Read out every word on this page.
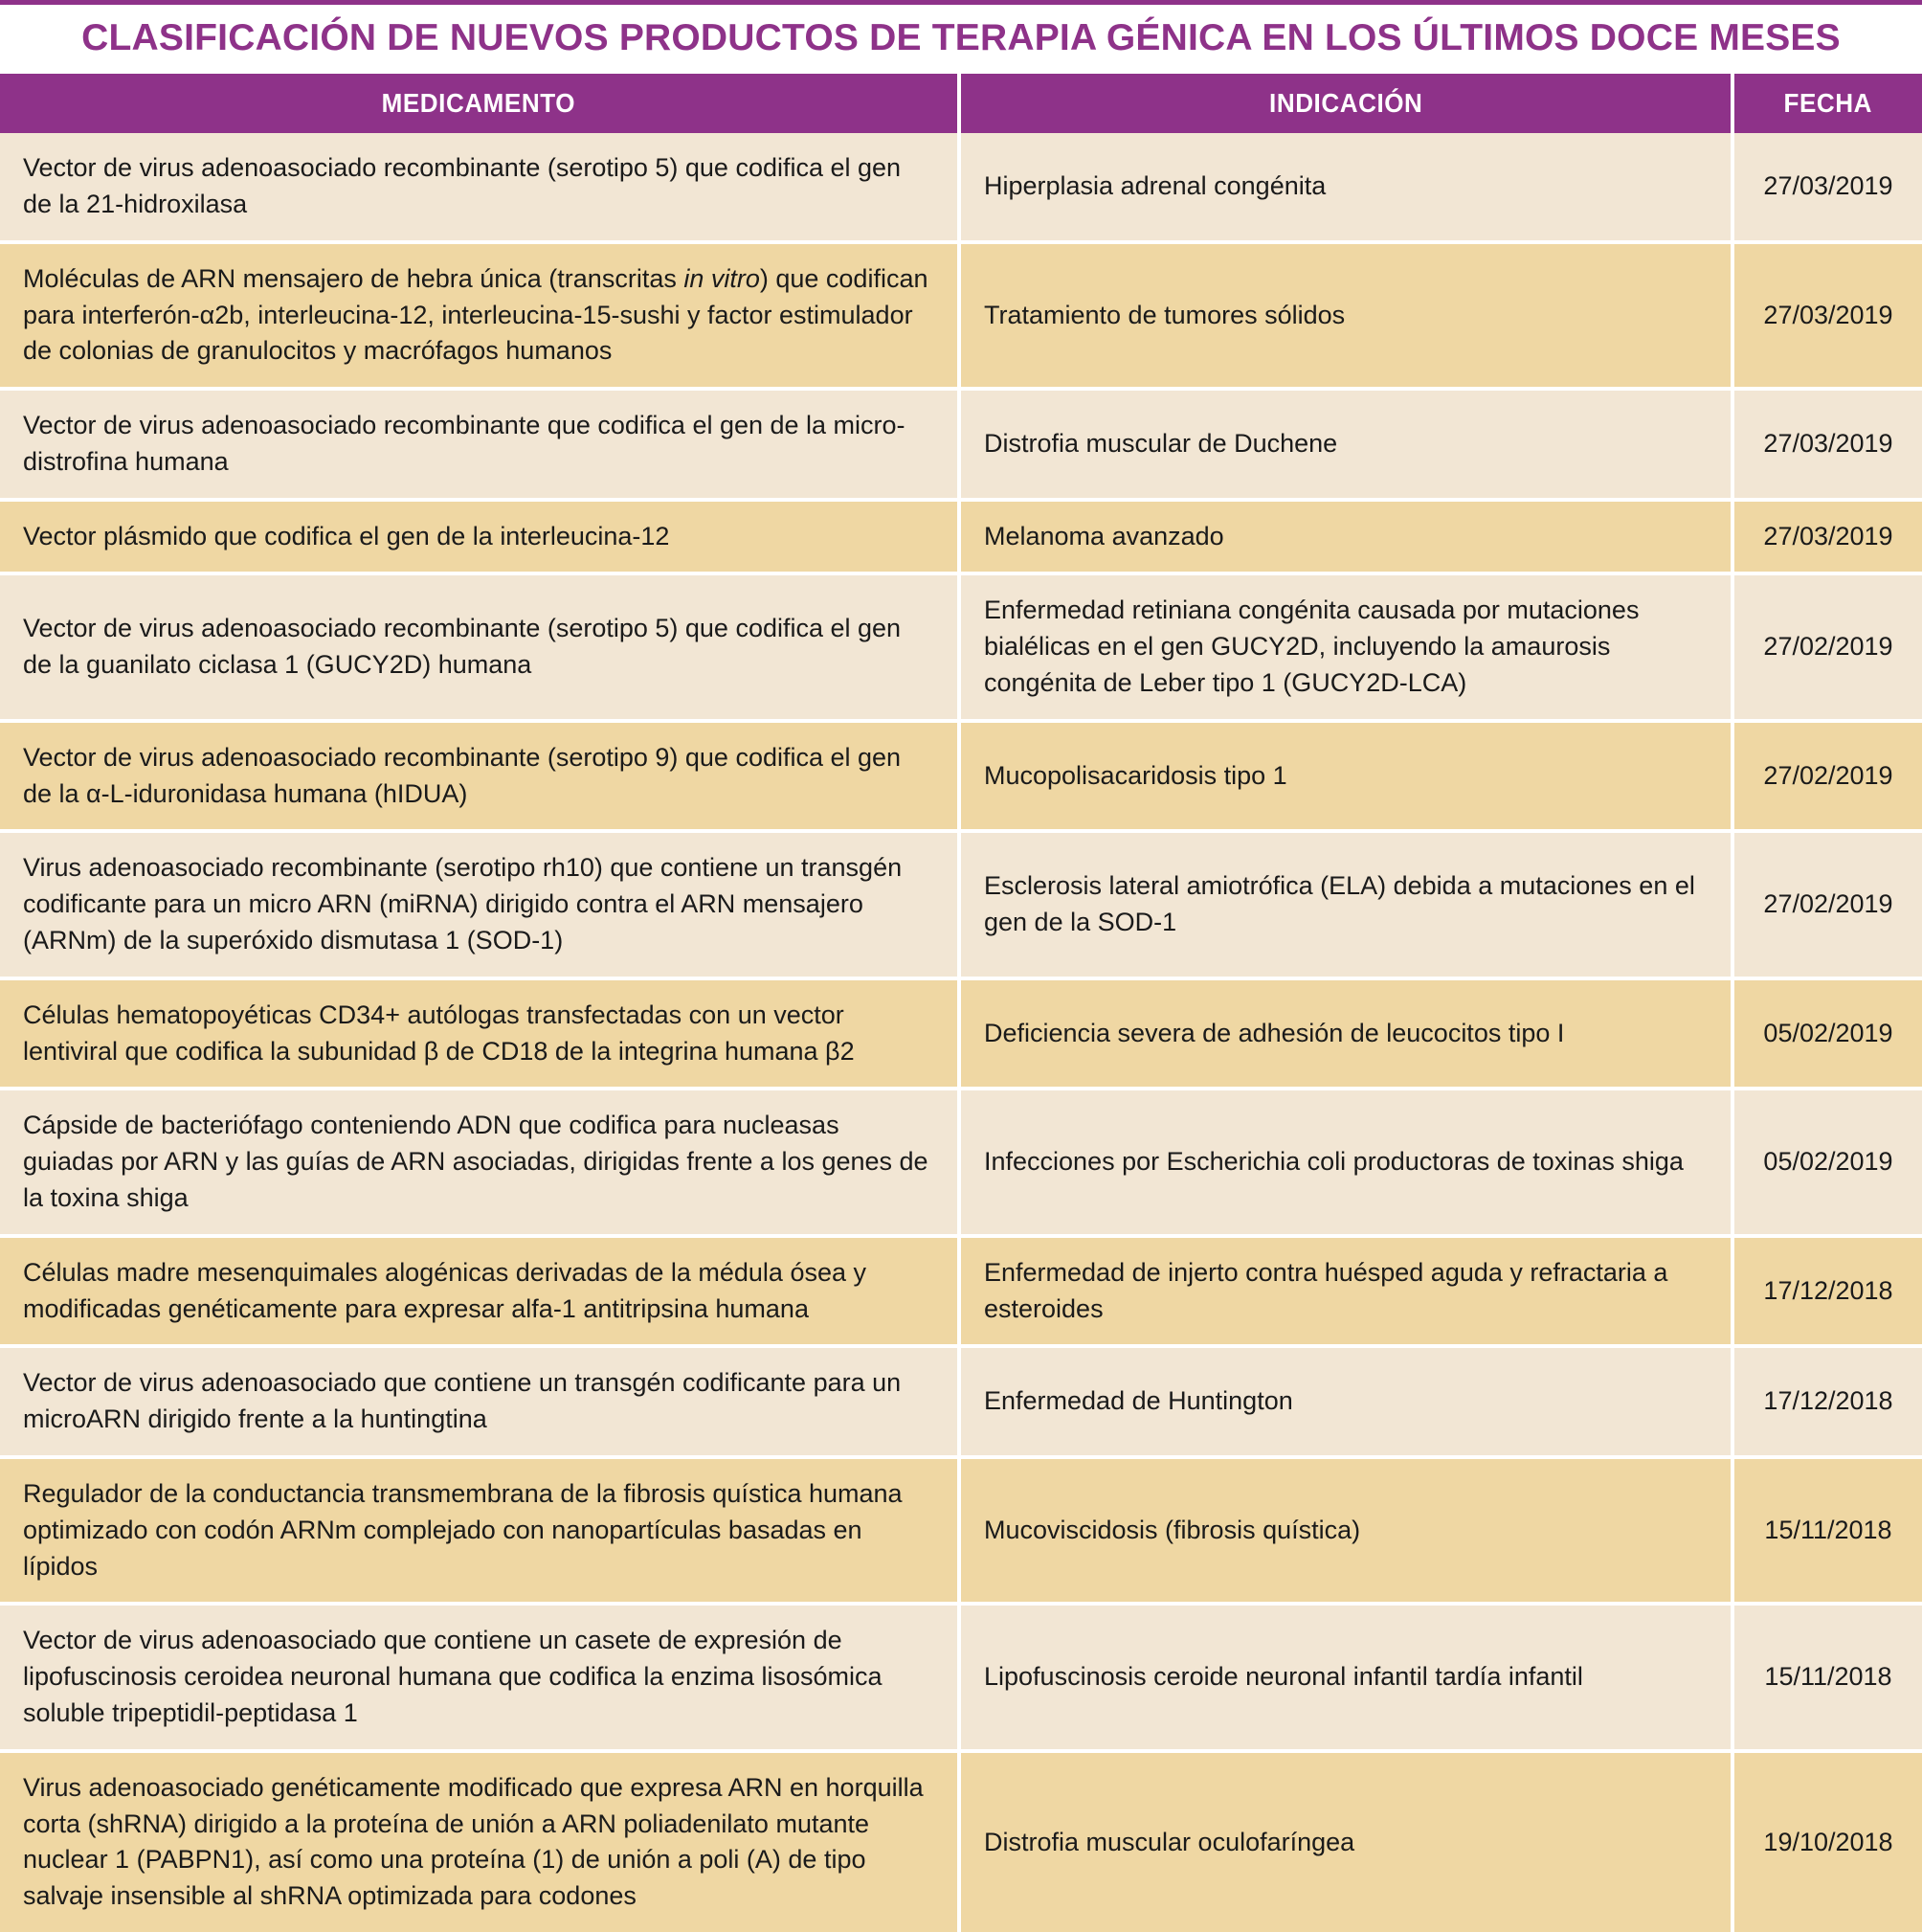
CLASIFICACIÓN DE NUEVOS PRODUCTOS DE TERAPIA GÉNICA EN LOS ÚLTIMOS DOCE MESES
MEDICAMENTO	INDICACIÓN	FECHA

Vector de virus adenoasociado recombinante (serotipo 5) que codifica el gen de la 21-hidroxilasa	Hiperplasia adrenal congénita	27/03/2019

Moléculas de ARN mensajero de hebra única (transcritas in vitro) que codifican para interferón-α2b, interleucina-12, interleucina-15-sushi y factor estimulador de colonias de granulocitos y macrófagos humanos	Tratamiento de tumores sólidos	27/03/2019

Vector de virus adenoasociado recombinante que codifica el gen de la micro-distrofina humana	Distrofia muscular de Duchene	27/03/2019

Vector plásmido que codifica el gen de la interleucina-12	Melanoma avanzado	27/03/2019

Vector de virus adenoasociado recombinante (serotipo 5) que codifica el gen de la guanilato ciclasa 1 (GUCY2D) humana	Enfermedad retiniana congénita causada por mutaciones bialélicas en el gen GUCY2D, incluyendo la amaurosis congénita de Leber tipo 1 (GUCY2D-LCA)	27/02/2019

Vector de virus adenoasociado recombinante (serotipo 9) que codifica el gen de la α-L-iduronidasa humana (hIDUA)	Mucopolisacaridosis tipo 1	27/02/2019

Virus adenoasociado recombinante (serotipo rh10) que contiene un transgén codificante para un micro ARN (miRNA) dirigido contra el ARN mensajero (ARNm) de la superóxido dismutasa 1 (SOD-1)	Esclerosis lateral amiotrófica (ELA) debida a mutaciones en el gen de la SOD-1	27/02/2019

Células hematopoyéticas CD34+ autólogas transfectadas con un vector lentiviral que codifica la subunidad β de CD18 de la integrina humana β2	Deficiencia severa de adhesión de leucocitos tipo I	05/02/2019

Cápside de bacteriófago conteniendo ADN que codifica para nucleasas guiadas por ARN y las guías de ARN asociadas, dirigidas frente a los genes de la toxina shiga	Infecciones por Escherichia coli productoras de toxinas shiga	05/02/2019

Células madre mesenquimales alogénicas derivadas de la médula ósea y modificadas genéticamente para expresar alfa-1 antitripsina humana	Enfermedad de injerto contra huésped aguda y refractaria a esteroides	17/12/2018

Vector de virus adenoasociado que contiene un transgén codificante para un microARN dirigido frente a la huntingtina	Enfermedad de Huntington	17/12/2018

Regulador de la conductancia transmembrana de la fibrosis quística humana optimizado con codón ARNm complejado con nanopartículas basadas en lípidos	Mucoviscidosis (fibrosis quística)	15/11/2018

Vector de virus adenoasociado que contiene un casete de expresión de lipofuscinosis ceroidea neuronal humana que codifica la enzima lisosómica soluble tripeptidil-peptidasa 1	Lipofuscinosis ceroide neuronal infantil tardía infantil	15/11/2018

Virus adenoasociado genéticamente modificado que expresa ARN en horquilla corta (shRNA) dirigido a la proteína de unión a ARN poliadenilato mutante nuclear 1 (PABPN1), así como una proteína (1) de unión a poli (A) de tipo salvaje insensible al shRNA optimizada para codones	Distrofia muscular oculofaríngea	19/10/2018
